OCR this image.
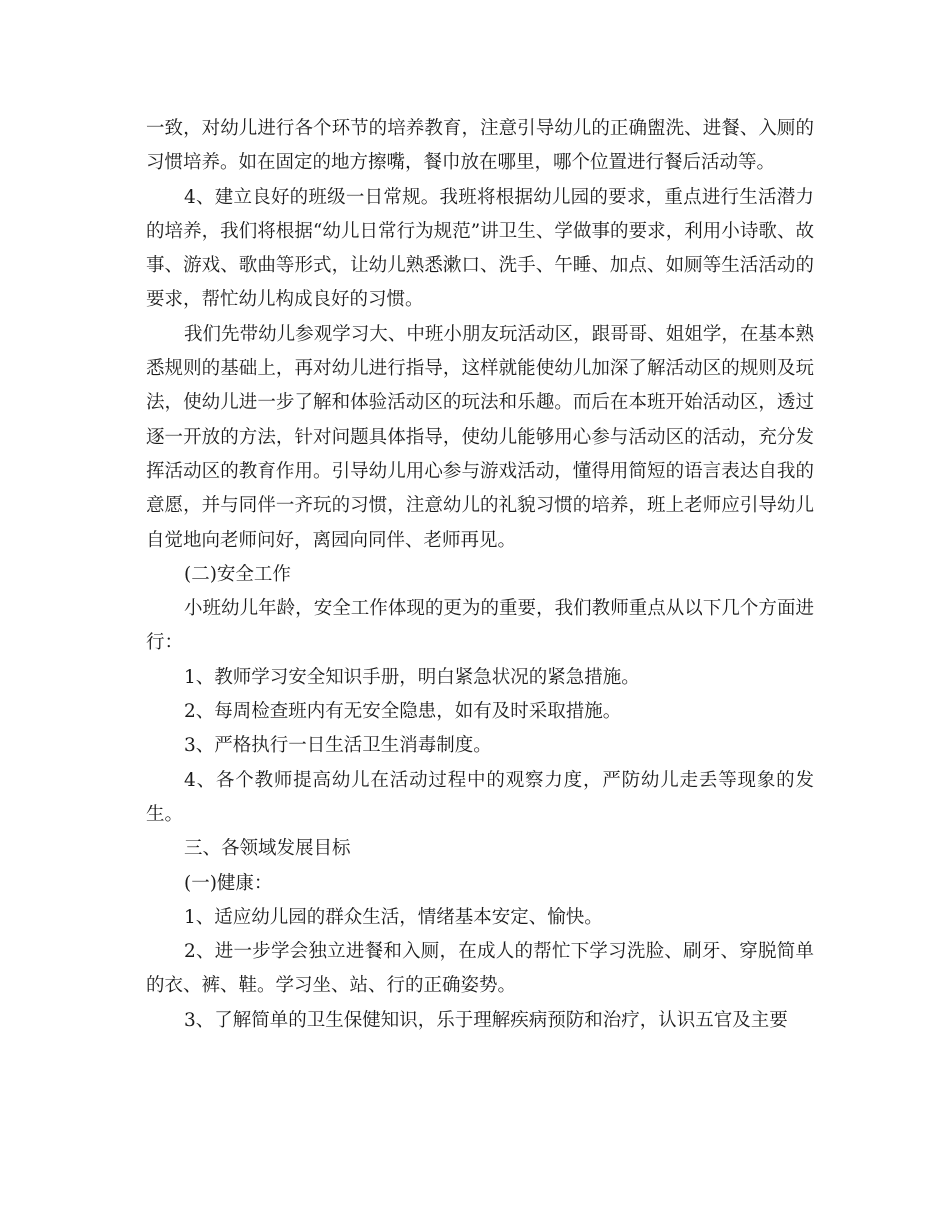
一致，对幼儿进行各个环节的培养教育，注意引导幼儿的正确盥洗、进餐、入厕的习惯培养。如在固定的地方擦嘴，餐巾放在哪里，哪个位置进行餐后活动等。

4、建立良好的班级一日常规。我班将根据幼儿园的要求，重点进行生活潜力的培养，我们将根据“幼儿日常行为规范”讲卫生、学做事的要求，利用小诗歌、故事、游戏、歌曲等形式，让幼儿熟悉漱口、洗手、午睡、加点、如厕等生活活动的要求，帮忙幼儿构成良好的习惯。

我们先带幼儿参观学习大、中班小朋友玩活动区，跟哥哥、姐姐学，在基本熟悉规则的基础上，再对幼儿进行指导，这样就能使幼儿加深了解活动区的规则及玩法，使幼儿进一步了解和体验活动区的玩法和乐趣。而后在本班开始活动区，透过逐一开放的方法，针对问题具体指导，使幼儿能够用心参与活动区的活动，充分发挥活动区的教育作用。引导幼儿用心参与游戏活动，懂得用简短的语言表达自我的意愿，并与同伴一齐玩的习惯，注意幼儿的礼貌习惯的培养，班上老师应引导幼儿自觉地向老师问好，离园向同伴、老师再见。

(二)安全工作

小班幼儿年龄，安全工作体现的更为的重要，我们教师重点从以下几个方面进行：

1、教师学习安全知识手册，明白紧急状况的紧急措施。

2、每周检查班内有无安全隐患，如有及时采取措施。

3、严格执行一日生活卫生消毒制度。

4、各个教师提高幼儿在活动过程中的观察力度，严防幼儿走丢等现象的发生。

三、各领域发展目标

(一)健康：

1、适应幼儿园的群众生活，情绪基本安定、愉快。

2、进一步学会独立进餐和入厕，在成人的帮忙下学习洗脸、刷牙、穿脱简单的衣、裤、鞋。学习坐、站、行的正确姿势。

3、了解简单的卫生保健知识，乐于理解疾病预防和治疗，认识五官及主要
